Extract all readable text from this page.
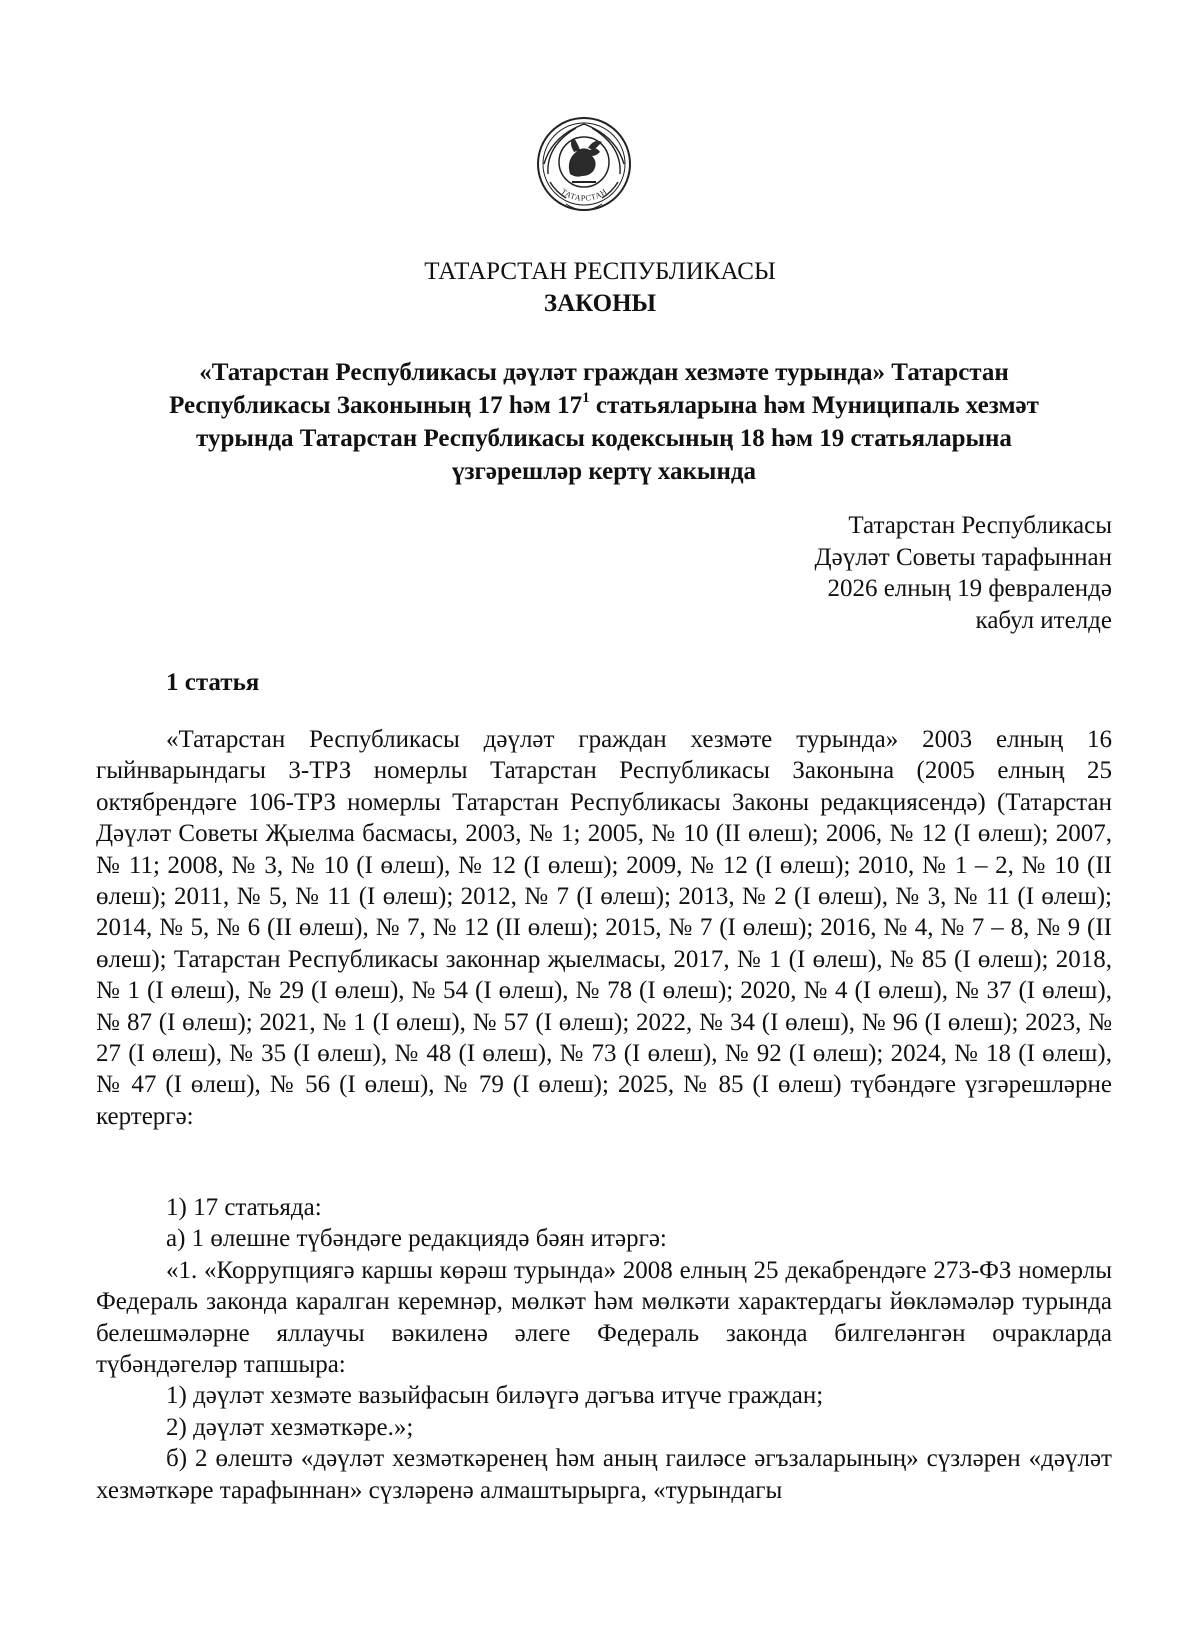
ТАТАРСТАН
ТАТАРСТАН РЕСПУБЛИКАСЫ
ЗАКОНЫ

«Татарстан Республикасы дәүләт граждан хезмәте турында» Татарстан

Республикасы Законының 17 һәм $17^1$ статьяларына һәм Муниципаль хезмәт

турында Татарстан Республикасы кодексының 18 һәм 19 статьяларына

үзгәрешләр кертү хакында

Татарстан Республикасы
Дәүләт Советы тарафыннан
2026 елның 19 февралендә
кабул ителде
1 статья

«Татарстан Республикасы дәүләт граждан хезмәте турында» 2003 елның 16 гыйнварындагы 3-ТРЗ номерлы Татарстан Республикасы Законына (2005 елның 25 октябрендәге 106-ТРЗ номерлы Татарстан Республикасы Законы редакциясендә) (Татарстан Дәүләт Советы Җыелма басмасы, 2003, № 1; 2005, № 10 (II өлеш); 2006, № 12 (I өлеш); 2007, № 11; 2008, № 3, № 10 (I өлеш), № 12 (I өлеш); 2009, № 12 (I өлеш); 2010, № 1 – 2, № 10 (II өлеш); 2011, № 5, № 11 (I өлеш); 2012, № 7 (I өлеш); 2013, № 2 (I өлеш), № 3, № 11 (I өлеш); 2014, № 5, № 6 (II өлеш), № 7, № 12 (II өлеш); 2015, № 7 (I өлеш); 2016, № 4, № 7 – 8, № 9 (II өлеш); Татарстан Республикасы законнар җыелмасы, 2017, № 1 (I өлеш), № 85 (I өлеш); 2018, № 1 (I өлеш), № 29 (I өлеш), № 54 (I өлеш), № 78 (I өлеш); 2020, № 4 (I өлеш), № 37 (I өлеш), № 87 (I өлеш); 2021, № 1 (I өлеш), № 57 (I өлеш); 2022, № 34 (I өлеш), № 96 (I өлеш); 2023, № 27 (I өлеш), № 35 (I өлеш), № 48 (I өлеш), № 73 (I өлеш), № 92 (I өлеш); 2024, № 18 (I өлеш), № 47 (I өлеш), № 56 (I өлеш), № 79 (I өлеш); 2025, № 85 (I өлеш) түбәндәге үзгәрешләрне кертергә:

1) 17 статьяда:

а) 1 өлешне түбәндәге редакциядә бәян итәргә:

«1. «Коррупциягә каршы көрәш турында» 2008 елның 25 декабрендәге 273-ФЗ номерлы Федераль законда каралган керемнәр, мөлкәт һәм мөлкәти характердагы йөкләмәләр турында белешмәләрне яллаучы вәкиленә әлеге Федераль законда билгеләнгән очракларда түбәндәгеләр тапшыра:

1) дәүләт хезмәте вазыйфасын биләүгә дәгъва итүче граждан;

2) дәүләт хезмәткәре.»;

б) 2 өлештә «дәүләт хезмәткәренең һәм аның гаиләсе әгъзаларының» сүзләрен «дәүләт хезмәткәре тарафыннан» сүзләренә алмаштырырга, «турындагы
